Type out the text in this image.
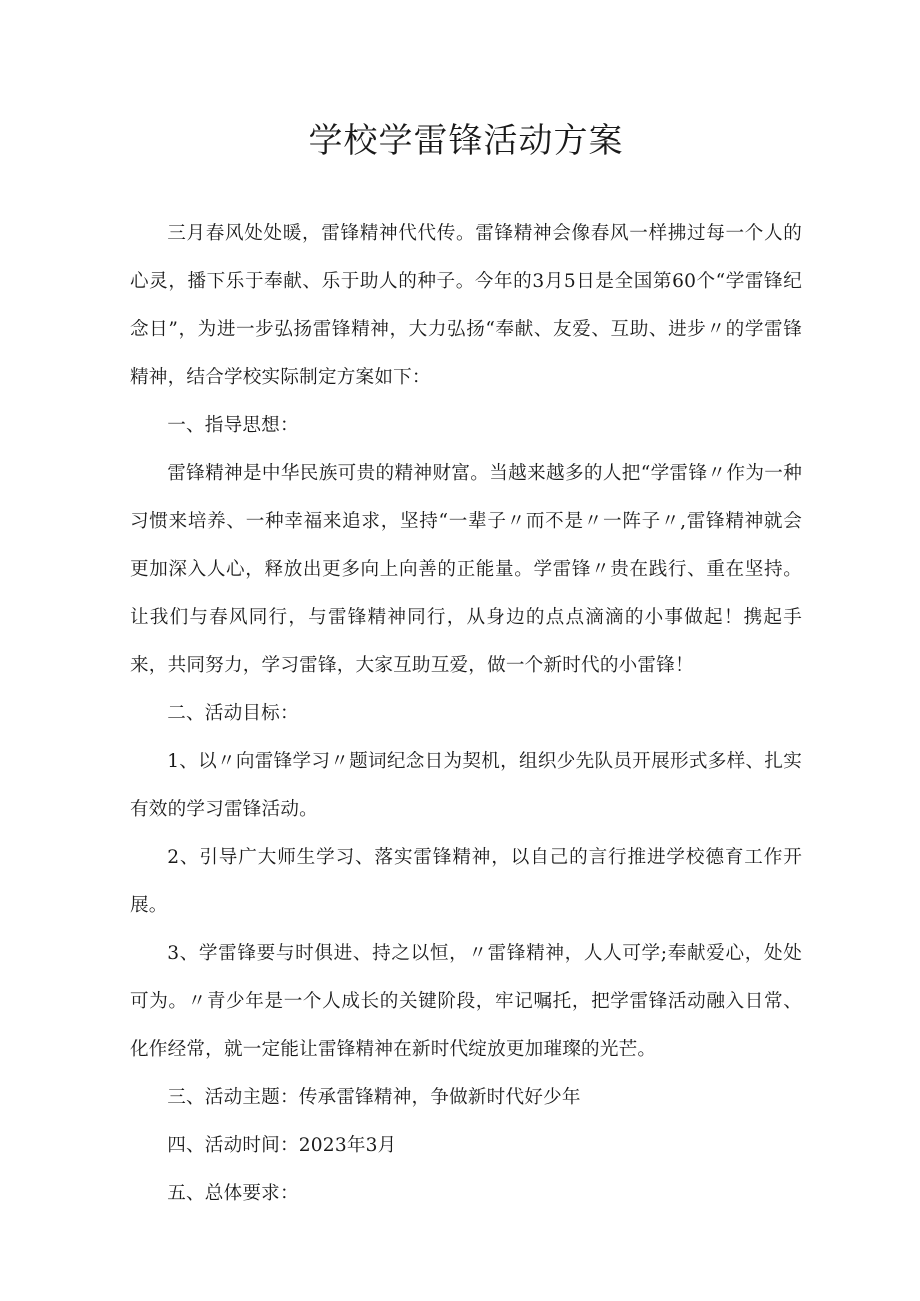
学校学雷锋活动方案

三月春风处处暖，雷锋精神代代传。雷锋精神会像春风一样拂过每一个人的心灵，播下乐于奉献、乐于助人的种子。今年的3月5日是全国第60个“学雷锋纪念日”，为进一步弘扬雷锋精神，大力弘扬“奉献、友爱、互助、进步〃的学雷锋精神，结合学校实际制定方案如下：

一、指导思想：

雷锋精神是中华民族可贵的精神财富。当越来越多的人把“学雷锋〃作为一种习惯来培养、一种幸福来追求，坚持“一辈子〃而不是〃一阵子〃,雷锋精神就会更加深入人心，释放出更多向上向善的正能量。学雷锋〃贵在践行、重在坚持。让我们与春风同行，与雷锋精神同行，从身边的点点滴滴的小事做起！携起手来，共同努力，学习雷锋，大家互助互爱，做一个新时代的小雷锋！

二、活动目标：

1、以〃向雷锋学习〃题词纪念日为契机，组织少先队员开展形式多样、扎实有效的学习雷锋活动。

2、引导广大师生学习、落实雷锋精神，以自己的言行推进学校德育工作开展。

3、学雷锋要与时俱进、持之以恒，〃雷锋精神，人人可学;奉献爱心，处处可为。〃青少年是一个人成长的关键阶段，牢记嘱托，把学雷锋活动融入日常、化作经常，就一定能让雷锋精神在新时代绽放更加璀璨的光芒。

三、活动主题：传承雷锋精神，争做新时代好少年

四、活动时间：2023年3月

五、总体要求：
